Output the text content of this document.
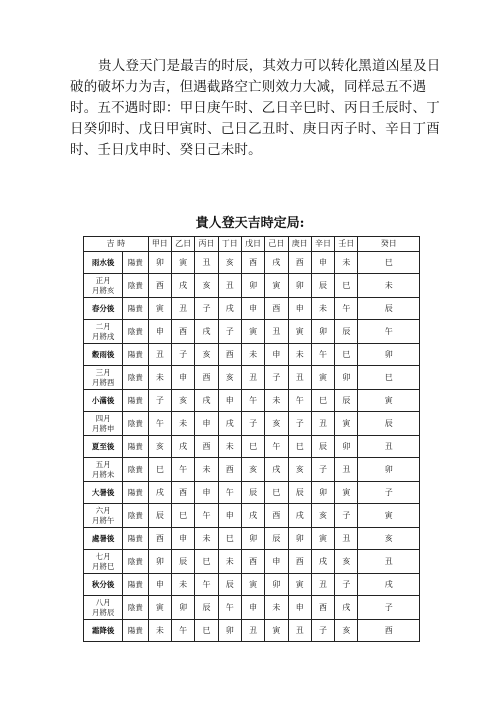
贵人登天门是最吉的时辰，其效力可以转化黑道凶星及日破的破坏力为吉，但遇截路空亡则效力大减，同样忌五不遇时。五不遇时即：甲日庚午时、乙日辛巳时、丙日壬辰时、丁日癸卯时、戊日甲寅时、己日乙丑时、庚日丙子时、辛日丁酉时、壬日戊申时、癸日己未时。

貴人登天吉時定局:
吉 時		甲日	乙日	丙日	丁日	戊日	己日	庚日	辛日	壬日	癸日
雨水後	陽貴	卯	寅	丑	亥	酉	戌	酉	申	未	巳
正月
月將亥	陰貴	酉	戌	亥	丑	卯	寅	卯	辰	巳	未
春分後	陽貴	寅	丑	子	戌	申	酉	申	未	午	辰
二月
月將戌	陰貴	申	酉	戌	子	寅	丑	寅	卯	辰	午
穀雨後	陽貴	丑	子	亥	酉	未	申	未	午	巳	卯
三月
月將酉	陰貴	未	申	酉	亥	丑	子	丑	寅	卯	巳
小滿後	陽貴	子	亥	戌	申	午	未	午	巳	辰	寅
四月
月將申	陰貴	午	未	申	戌	子	亥	子	丑	寅	辰
夏至後	陽貴	亥	戌	酉	未	巳	午	巳	辰	卯	丑
五月
月將未	陰貴	巳	午	未	酉	亥	戌	亥	子	丑	卯
大暑後	陽貴	戌	酉	申	午	辰	巳	辰	卯	寅	子
六月
月將午	陰貴	辰	巳	午	申	戌	酉	戌	亥	子	寅
處暑後	陽貴	酉	申	未	巳	卯	辰	卯	寅	丑	亥
七月
月將巳	陰貴	卯	辰	巳	未	酉	申	酉	戌	亥	丑
秋分後	陽貴	申	未	午	辰	寅	卯	寅	丑	子	戌
八月
月將辰	陰貴	寅	卯	辰	午	申	未	申	酉	戌	子
霜降後	陽貴	未	午	巳	卯	丑	寅	丑	子	亥	酉
